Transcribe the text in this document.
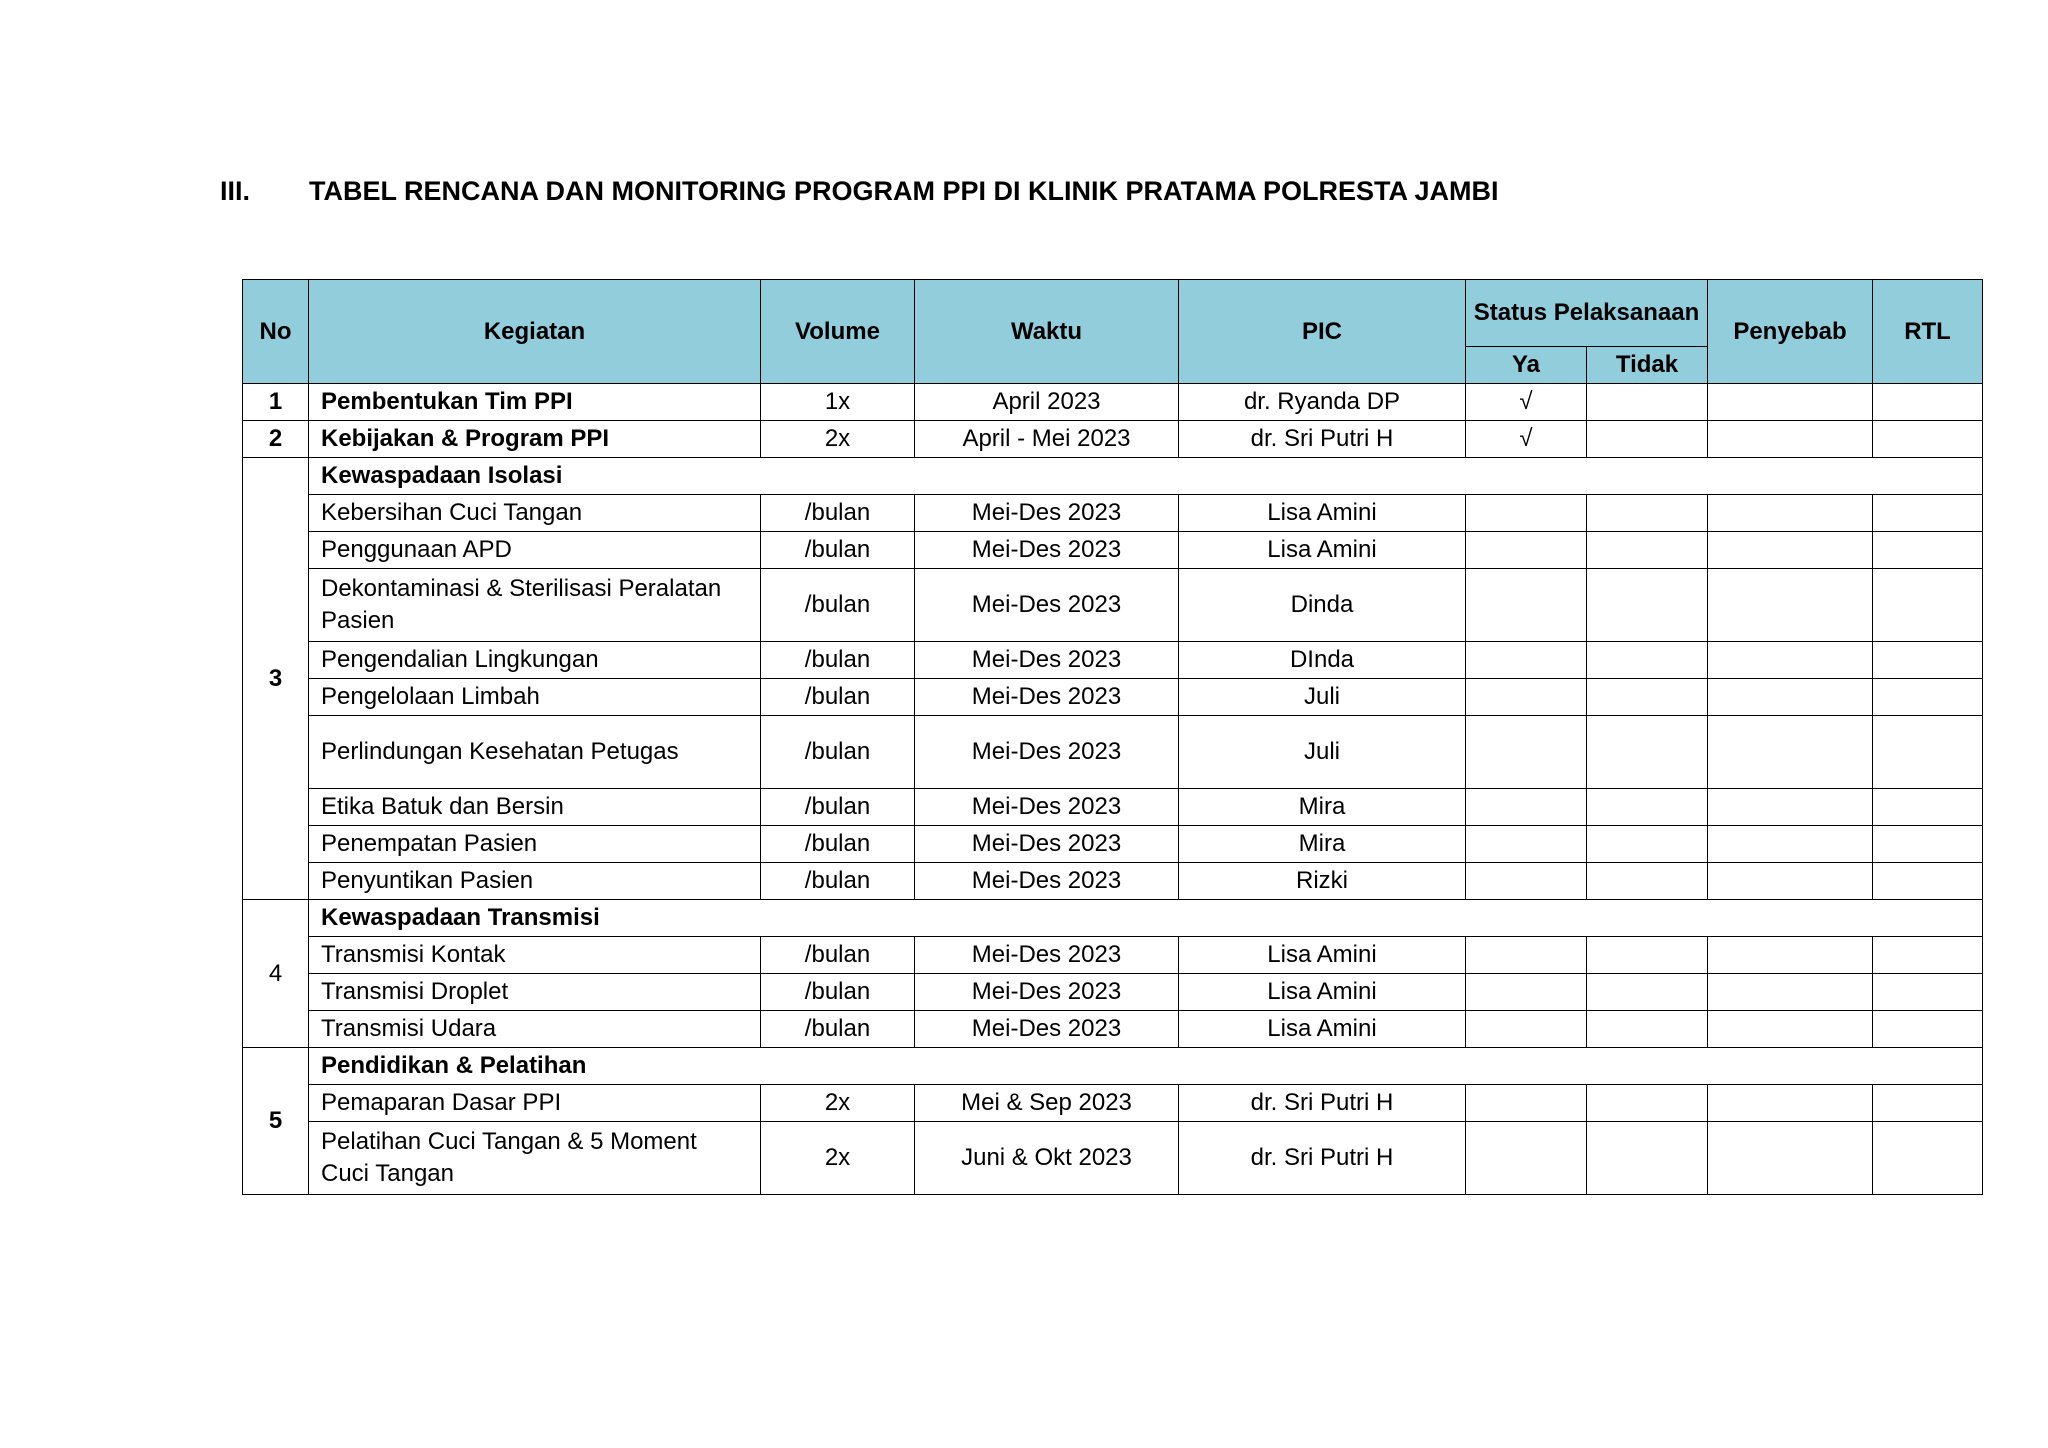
III. TABEL RENCANA DAN MONITORING PROGRAM PPI DI KLINIK PRATAMA POLRESTA JAMBI
No	Kegiatan	Volume	Waktu	PIC	Status Pelaksanaan		Penyebab	RTL
					Ya	Tidak		
1	Pembentukan Tim PPI	1x	April 2023	dr. Ryanda DP	√			
2	Kebijakan & Program PPI	2x	April - Mei 2023	dr. Sri Putri H	√			
3	Kewaspadaan Isolasi							
	Kebersihan Cuci Tangan	/bulan	Mei-Des 2023	Lisa Amini				
	Penggunaan APD	/bulan	Mei-Des 2023	Lisa Amini				
	Dekontaminasi & Sterilisasi Peralatan Pasien	/bulan	Mei-Des 2023	Dinda				
	Pengendalian Lingkungan	/bulan	Mei-Des 2023	DInda				
	Pengelolaan Limbah	/bulan	Mei-Des 2023	Juli				
	Perlindungan Kesehatan Petugas	/bulan	Mei-Des 2023	Juli				
	Etika Batuk dan Bersin	/bulan	Mei-Des 2023	Mira				
	Penempatan Pasien	/bulan	Mei-Des 2023	Mira				
	Penyuntikan Pasien	/bulan	Mei-Des 2023	Rizki				
4	Kewaspadaan Transmisi							
	Transmisi Kontak	/bulan	Mei-Des 2023	Lisa Amini				
	Transmisi Droplet	/bulan	Mei-Des 2023	Lisa Amini				
	Transmisi Udara	/bulan	Mei-Des 2023	Lisa Amini				
5	Pendidikan & Pelatihan							
	Pemaparan Dasar PPI	2x	Mei & Sep 2023	dr. Sri Putri H				
	Pelatihan Cuci Tangan & 5 Moment Cuci Tangan	2x	Juni & Okt 2023	dr. Sri Putri H				
